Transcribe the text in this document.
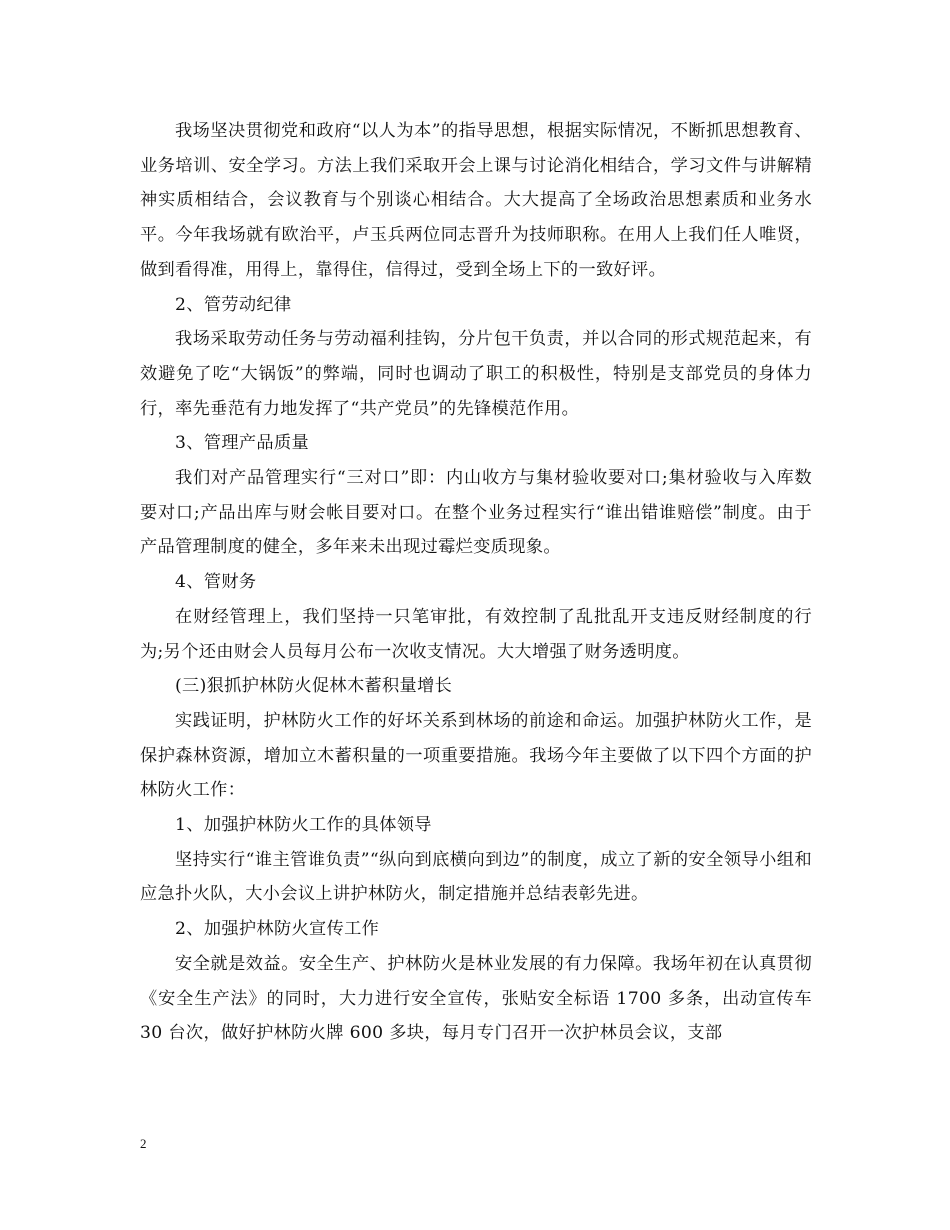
我场坚决贯彻党和政府“以人为本”的指导思想，根据实际情况，不断抓思想教育、业务培训、安全学习。方法上我们采取开会上课与讨论消化相结合，学习文件与讲解精神实质相结合，会议教育与个别谈心相结合。大大提高了全场政治思想素质和业务水平。今年我场就有欧治平，卢玉兵两位同志晋升为技师职称。在用人上我们任人唯贤，做到看得准，用得上，靠得住，信得过，受到全场上下的一致好评。

2、管劳动纪律

我场采取劳动任务与劳动福利挂钩，分片包干负责，并以合同的形式规范起来，有效避免了吃“大锅饭”的弊端，同时也调动了职工的积极性，特别是支部党员的身体力行，率先垂范有力地发挥了“共产党员”的先锋模范作用。

3、管理产品质量

我们对产品管理实行“三对口”即：内山收方与集材验收要对口;集材验收与入库数要对口;产品出库与财会帐目要对口。在整个业务过程实行“谁出错谁赔偿”制度。由于产品管理制度的健全，多年来未出现过霉烂变质现象。

4、管财务

在财经管理上，我们坚持一只笔审批，有效控制了乱批乱开支违反财经制度的行为;另个还由财会人员每月公布一次收支情况。大大增强了财务透明度。

(三)狠抓护林防火促林木蓄积量增长

实践证明，护林防火工作的好坏关系到林场的前途和命运。加强护林防火工作，是保护森林资源，增加立木蓄积量的一项重要措施。我场今年主要做了以下四个方面的护林防火工作：

1、加强护林防火工作的具体领导

坚持实行“谁主管谁负责”“纵向到底横向到边”的制度，成立了新的安全领导小组和应急扑火队，大小会议上讲护林防火，制定措施并总结表彰先进。

2、加强护林防火宣传工作

安全就是效益。安全生产、护林防火是林业发展的有力保障。我场年初在认真贯彻《安全生产法》的同时，大力进行安全宣传，张贴安全标语 1700 多条，出动宣传车 30 台次，做好护林防火牌 600 多块，每月专门召开一次护林员会议，支部

2
